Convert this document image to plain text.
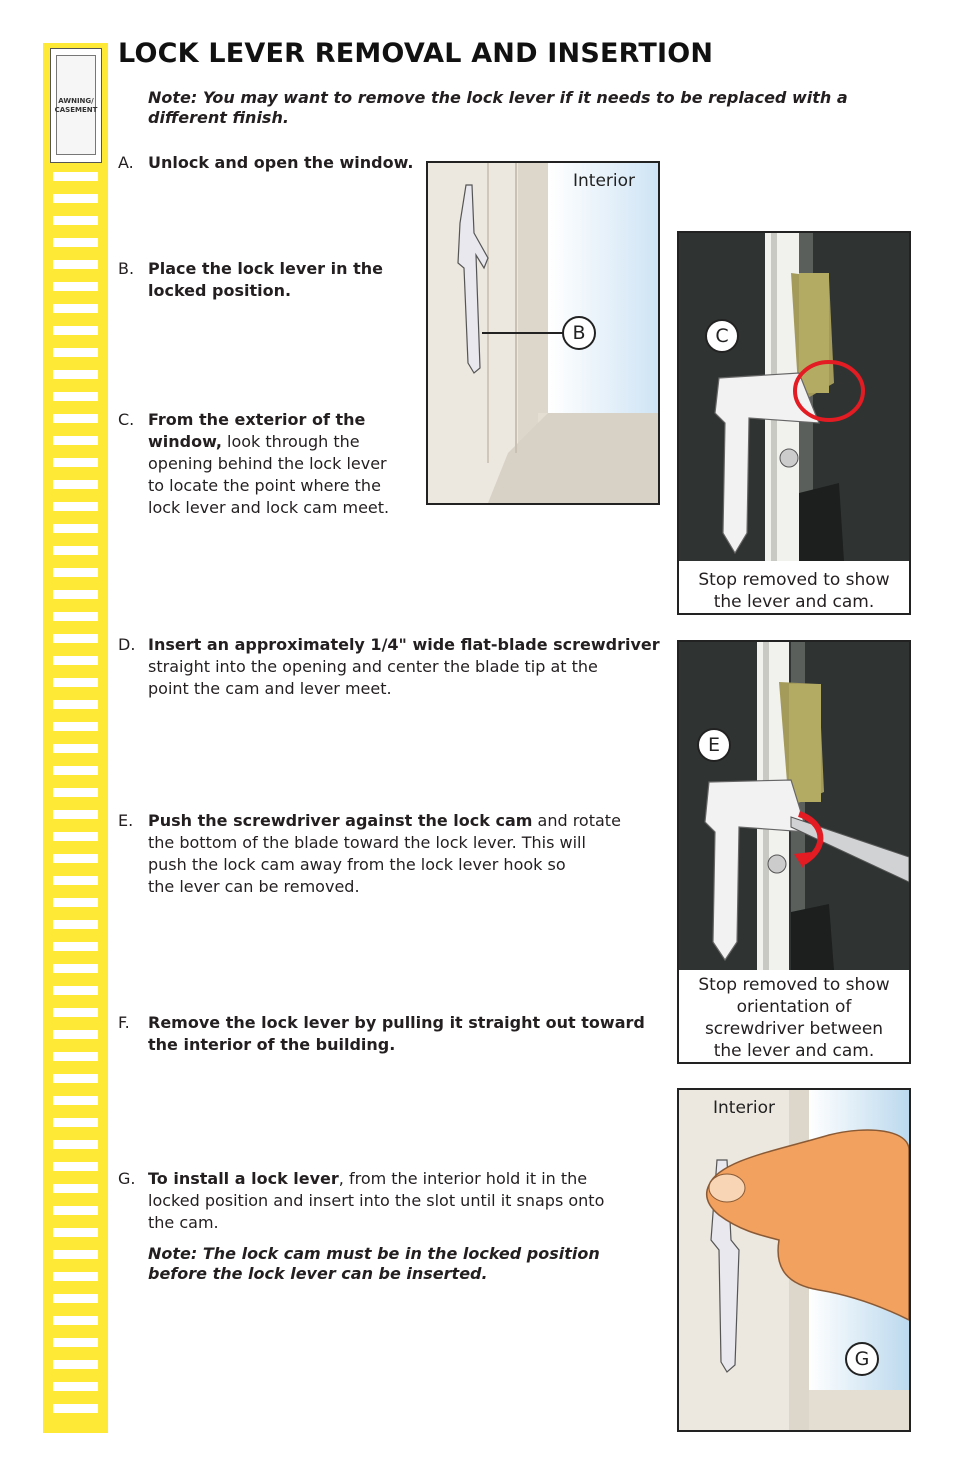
AWNING/
CASEMENT
LOCK LEVER REMOVAL AND INSERTION
Note: You may want to remove the lock lever if it needs to be replaced with a different finish.
A. Unlock and open the window.
B. Place the lock lever in the
locked position.
C. From the exterior of the
window, look through the
opening behind the lock lever
to locate the point where the
lock lever and lock cam meet.
D. Insert an approximately 1/4" wide flat-blade screwdriver
straight into the opening and center the blade tip at the
point the cam and lever meet.
E. Push the screwdriver against the lock cam and rotate
the bottom of the blade toward the lock lever. This will
push the lock cam away from the lock lever hook so
the lever can be removed.
F. Remove the lock lever by pulling it straight out toward
the interior of the building.
G. To install a lock lever, from the interior hold it in the
locked position and insert into the slot until it snaps onto
the cam.
Note: The lock cam must be in the locked position
before the lock lever can be inserted.
Interior
B	C
Stop removed to show
the lever and cam.
E
Stop removed to show
orientation of
screwdriver between
the lever and cam.
Interior
G
